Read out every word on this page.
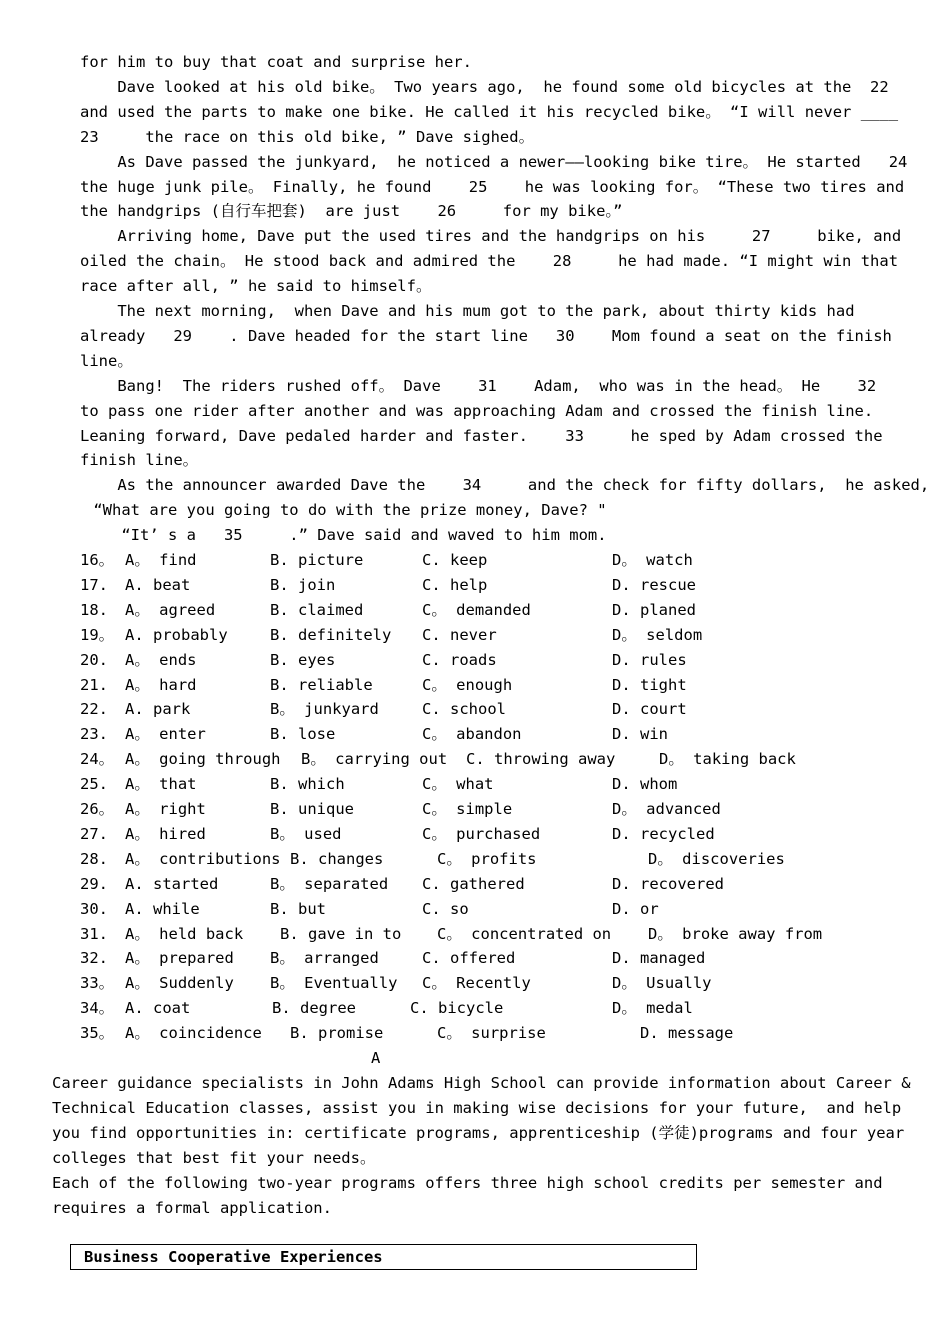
for him to buy that coat and surprise her.
Dave looked at his old bike。 Two years ago,  he found some old bicycles at the  22
and used the parts to make one bike. He called it his recycled bike。 “I will never ____
23     the race on this old bike, ” Dave sighed。
As Dave passed the junkyard,  he noticed a newer——looking bike tire。 He started   24
the huge junk pile。 Finally, he found    25    he was looking for。 “These two tires and
the handgrips (自行车把套)  are just    26     for my bike。”
Arriving home, Dave put the used tires and the handgrips on his     27     bike, and
oiled the chain。 He stood back and admired the    28     he had made. “I might win that
race after all, ” he said to himself。
The next morning,  when Dave and his mum got to the park, about thirty kids had
already   29    . Dave headed for the start line   30    Mom found a seat on the finish
line。
Bang!  The riders rushed off。 Dave    31    Adam,  who was in the head。 He    32
to pass one rider after another and was approaching Adam and crossed the finish line.
Leaning forward, Dave pedaled harder and faster.    33     he sped by Adam crossed the
finish line。
As the announcer awarded Dave the    34     and the check for fifty dollars,  he asked,
“What are you going to do with the prize money, Dave? "
“It’ s a   35     .” Dave said and waved to him mom.
16。 A。 find	B. picture	C. keep	D。 watch
17. A. beat	B. join	C. help	D. rescue
18. A。 agreed	B. claimed	C。 demanded	D. planed
19。 A. probably	B. definitely C. never	D。 seldom
20. A。 ends	B. eyes	C. roads	D. rules
21. A。 hard	B. reliable	C。 enough	D. tight
22. A. park	B。 junkyard	C. school	D. court
23. A。 enter	B. lose	C。 abandon	D. win
24。 A。 going through B。 carrying out C. throwing away	D。 taking back
25. A。 that	B. which	C。 what	D. whom
26。 A。 right	B. unique	C。 simple	D。 advanced
27. A。 hired	B。 used	C。 purchased	D. recycled
28. A。 contributions B. changes	C。 profits	D。 discoveries
29. A. started	B。 separated C. gathered	D. recovered
30. A. while	B. but	C. so	D. or
31. A。 held back B. gave in to C。 concentrated on D。 broke away from
32. A。 prepared B。 arranged	C. offered	D. managed
33。 A。 Suddenly B。 Eventually C。 Recently	D。 Usually
34。 A. coat	B. degree	C. bicycle	D。 medal
35。 A。 coincidence B. promise	C。 surprise	D. message
A
Career guidance specialists in John Adams High School can provide information about Career &
Technical Education classes, assist you in making wise decisions for your future,  and help
you find opportunities in: certificate programs, apprenticeship (学徒)programs and four year
colleges that best fit your needs。
Each of the following two-year programs offers three high school credits per semester and
requires a formal application.
Business Cooperative Experiences
